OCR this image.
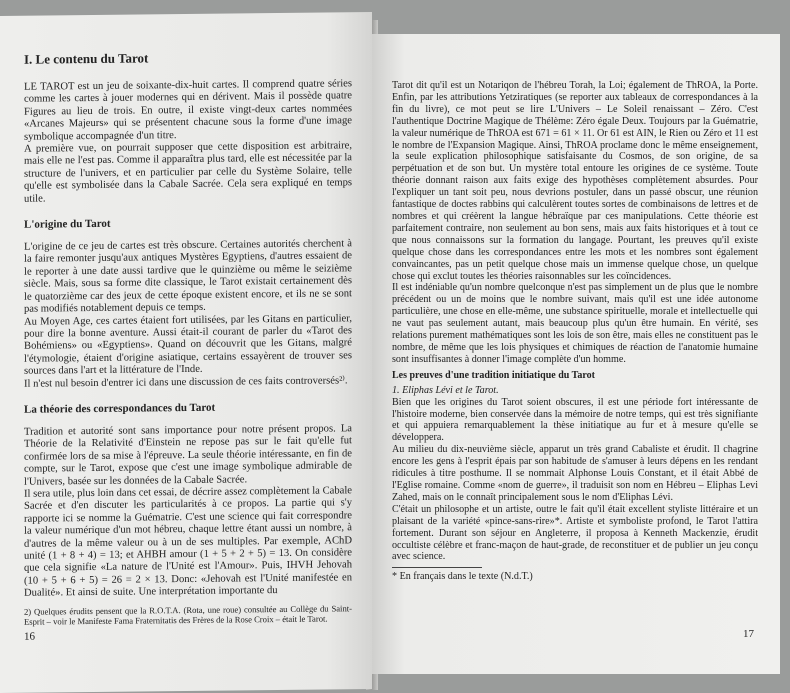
I. Le contenu du Tarot

LE TAROT est un jeu de soixante-dix-huit cartes. Il comprend quatre séries comme les cartes à jouer modernes qui en dérivent. Mais il possède quatre Figures au lieu de trois. En outre, il existe vingt-deux cartes nommées «Arcanes Majeurs» qui se présentent chacune sous la forme d'une image symbolique accompagnée d'un titre.

A première vue, on pourrait supposer que cette disposition est arbitraire, mais elle ne l'est pas. Comme il apparaîtra plus tard, elle est nécessitée par la structure de l'univers, et en particulier par celle du Système Solaire, telle qu'elle est symbolisée dans la Cabale Sacrée. Cela sera expliqué en temps utile.

L'origine du Tarot

L'origine de ce jeu de cartes est très obscure. Certaines autorités cherchent à la faire remonter jusqu'aux antiques Mystères Egyptiens, d'autres essaient de le reporter à une date aussi tardive que le quinzième ou même le seizième siècle. Mais, sous sa forme dite classique, le Tarot existait certainement dès le quatorzième car des jeux de cette époque existent encore, et ils ne se sont pas modifiés notablement depuis ce temps.

Au Moyen Age, ces cartes étaient fort utilisées, par les Gitans en particulier, pour dire la bonne aventure. Aussi était-il courant de parler du «Tarot des Bohémiens» ou «Egyptiens». Quand on découvrit que les Gitans, malgré l'étymologie, étaient d'origine asiatique, certains essayèrent de trouver ses sources dans l'art et la littérature de l'Inde.

Il n'est nul besoin d'entrer ici dans une discussion de ces faits controversés²⁾.

La théorie des correspondances du Tarot

Tradition et autorité sont sans importance pour notre présent propos. La Théorie de la Relativité d'Einstein ne repose pas sur le fait qu'elle fut confirmée lors de sa mise à l'épreuve. La seule théorie intéressante, en fin de compte, sur le Tarot, expose que c'est une image symbolique admirable de l'Univers, basée sur les données de la Cabale Sacrée.

Il sera utile, plus loin dans cet essai, de décrire assez complètement la Cabale Sacrée et d'en discuter les particularités à ce propos. La partie qui s'y rapporte ici se nomme la Guématrie. C'est une science qui fait correspondre la valeur numérique d'un mot hébreu, chaque lettre étant aussi un nombre, à d'autres de la même valeur ou à un de ses multiples. Par exemple, AChD unité (1 + 8 + 4) = 13; et AHBH amour (1 + 5 + 2 + 5) = 13. On considère que cela signifie «La nature de l'Unité est l'Amour». Puis, IHVH Jehovah (10 + 5 + 6 + 5) = 26 = 2 × 13. Donc: «Jehovah est l'Unité manifestée en Dualité». Et ainsi de suite. Une interprétation importante du

2) Quelques érudits pensent que la R.O.T.A. (Rota, une roue) consultée au Collège du Saint-Esprit – voir le Manifeste Fama Fraternitatis des Frères de la Rose Croix – était le Tarot.

16

Tarot dit qu'il est un Notariqon de l'hébreu Torah, la Loi; également de ThROA, la Porte. Enfin, par les attributions Yetziratiques (se reporter aux tableaux de correspondances à la fin du livre), ce mot peut se lire L'Univers – Le Soleil renaissant – Zéro. C'est l'authentique Doctrine Magique de Thélème: Zéro égale Deux. Toujours par la Guématrie, la valeur numérique de ThROA est 671 = 61 × 11. Or 61 est AIN, le Rien ou Zéro et 11 est le nombre de l'Expansion Magique. Ainsi, ThROA proclame donc le même enseignement, la seule explication philosophique satisfaisante du Cosmos, de son origine, de sa perpétuation et de son but. Un mystère total entoure les origines de ce système. Toute théorie donnant raison aux faits exige des hypothèses complètement absurdes. Pour l'expliquer un tant soit peu, nous devrions postuler, dans un passé obscur, une réunion fantastique de doctes rabbins qui calculèrent toutes sortes de combinaisons de lettres et de nombres et qui créèrent la langue hébraïque par ces manipulations. Cette théorie est parfaitement contraire, non seulement au bon sens, mais aux faits historiques et à tout ce que nous connaissons sur la formation du langage. Pourtant, les preuves qu'il existe quelque chose dans les correspondances entre les mots et les nombres sont également convaincantes, pas un petit quelque chose mais un immense quelque chose, un quelque chose qui exclut toutes les théories raisonnables sur les coïncidences.

Il est indéniable qu'un nombre quelconque n'est pas simplement un de plus que le nombre précédent ou un de moins que le nombre suivant, mais qu'il est une idée autonome particulière, une chose en elle-même, une substance spirituelle, morale et intellectuelle qui ne vaut pas seulement autant, mais beaucoup plus qu'un être humain. En vérité, ses relations purement mathématiques sont les lois de son être, mais elles ne constituent pas le nombre, de même que les lois physiques et chimiques de réaction de l'anatomie humaine sont insuffisantes à donner l'image complète d'un homme.

Les preuves d'une tradition initiatique du Tarot

1. Eliphas Lévi et le Tarot.

Bien que les origines du Tarot soient obscures, il est une période fort intéressante de l'histoire moderne, bien conservée dans la mémoire de notre temps, qui est très signifiante et qui appuiera remarquablement la thèse initiatique au fur et à mesure qu'elle se développera.

Au milieu du dix-neuvième siècle, apparut un très grand Cabaliste et érudit. Il chagrine encore les gens à l'esprit épais par son habitude de s'amuser à leurs dépens en les rendant ridicules à titre posthume. Il se nommait Alphonse Louis Constant, et il était Abbé de l'Eglise romaine. Comme «nom de guerre», il traduisit son nom en Hébreu – Eliphas Levi Zahed, mais on le connaît principalement sous le nom d'Eliphas Lévi.

C'était un philosophe et un artiste, outre le fait qu'il était excellent styliste littéraire et un plaisant de la variété «pince-sans-rire»*. Artiste et symboliste profond, le Tarot l'attira fortement. Durant son séjour en Angleterre, il proposa à Kenneth Mackenzie, érudit occultiste célèbre et franc-maçon de haut-grade, de reconstituer et de publier un jeu conçu avec science.

* En français dans le texte (N.d.T.)

17
